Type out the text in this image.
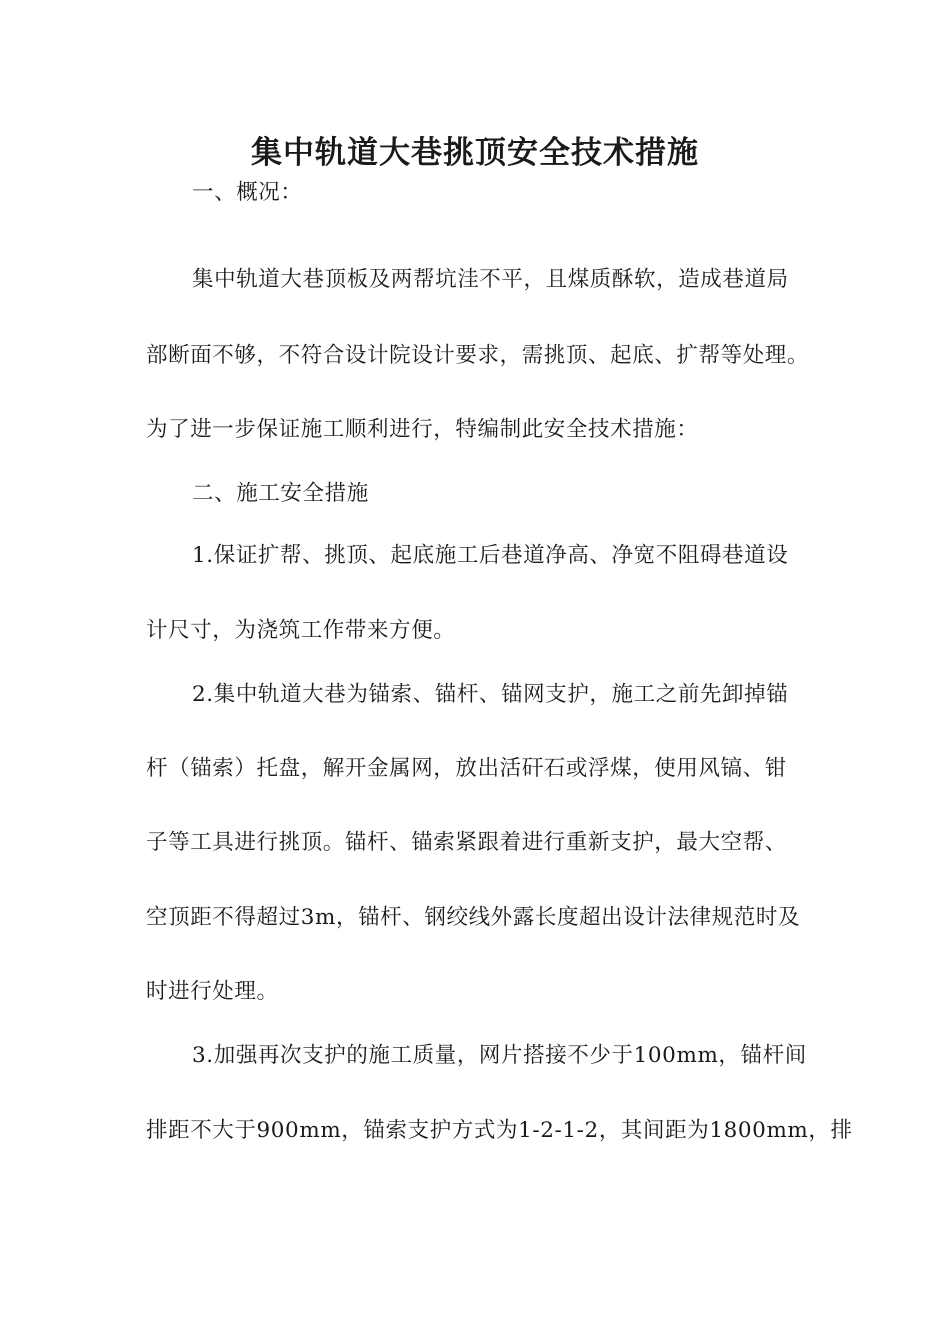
集中轨道大巷挑顶安全技术措施
一、概况：
集中轨道大巷顶板及两帮坑洼不平，且煤质酥软，造成巷道局
部断面不够，不符合设计院设计要求，需挑顶、起底、扩帮等处理。
为了进一步保证施工顺利进行，特编制此安全技术措施：
二、施工安全措施
1.保证扩帮、挑顶、起底施工后巷道净高、净宽不阻碍巷道设
计尺寸，为浇筑工作带来方便。
2.集中轨道大巷为锚索、锚杆、锚网支护，施工之前先卸掉锚
杆（锚索）托盘，解开金属网，放出活矸石或浮煤，使用风镐、钳
子等工具进行挑顶。锚杆、锚索紧跟着进行重新支护，最大空帮、
空顶距不得超过3m，锚杆、钢绞线外露长度超出设计法律规范时及
时进行处理。
3.加强再次支护的施工质量，网片搭接不少于100mm，锚杆间
排距不大于900mm，锚索支护方式为1-2-1-2，其间距为1800mm，排
